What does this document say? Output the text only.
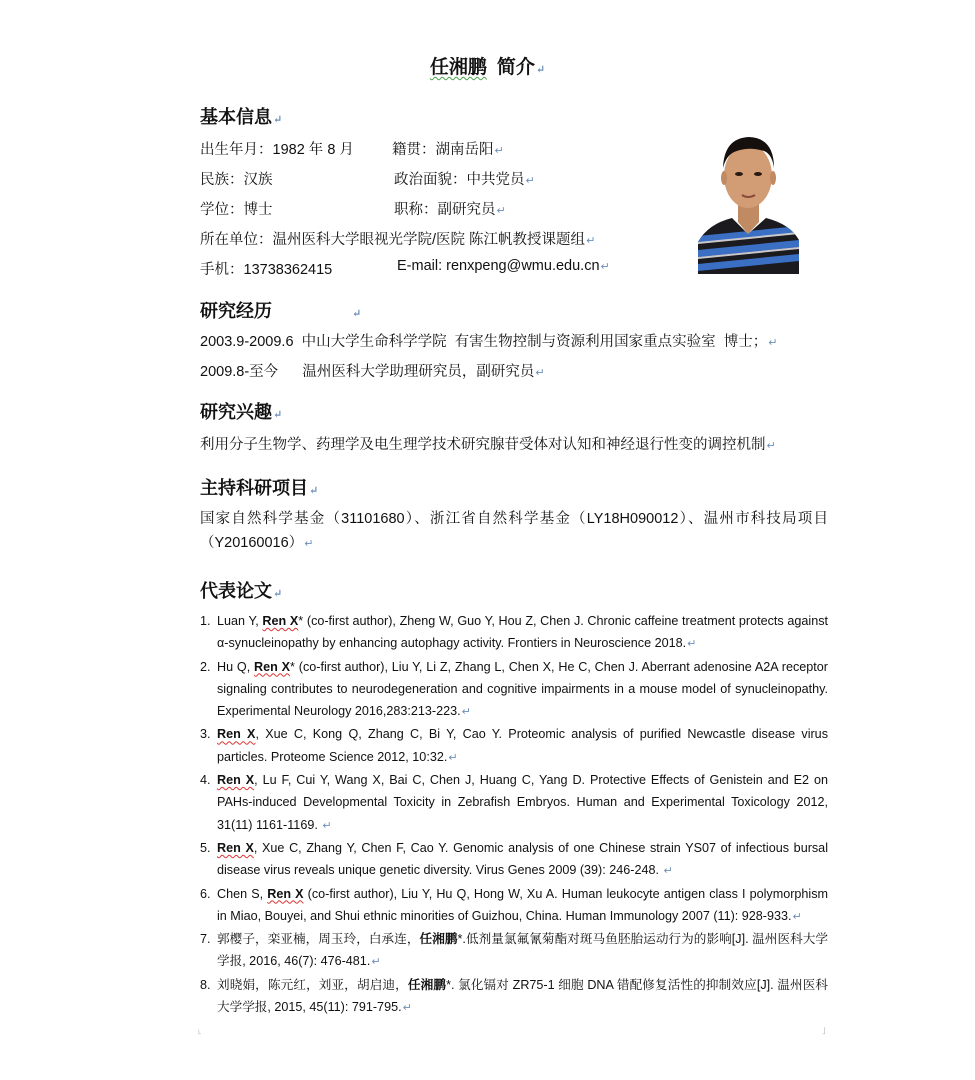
任湘鹏 简介↵
基本信息↵
出生年月：1982 年 8 月	籍贯：湖南岳阳↵
民族：汉族	政治面貌：中共党员↵
学位：博士	职称：副研究员↵
所在单位：温州医科大学眼视光学院/医院 陈江帆教授课题组↵
手机：13738362415	E-mail: renxpeng@wmu.edu.cn↵
研究经历	↵
2003.9-2009.6  中山大学生命科学学院  有害生物控制与资源利用国家重点实验室  博士；↵
2009.8-至今      温州医科大学助理研究员，副研究员↵
研究兴趣↵
利用分子生物学、药理学及电生理学技术研究腺苷受体对认知和神经退行性变的调控机制↵
主持科研项目↵
国家自然科学基金（31101680）、浙江省自然科学基金（LY18H090012）、温州市科技局项目（Y20160016）↵
代表论文↵
1. Luan Y, Ren X* (co-first author), Zheng W, Guo Y, Hou Z, Chen J. Chronic caffeine treatment protects against α-synucleinopathy by enhancing autophagy activity. Frontiers in Neuroscience 2018.↵
2. Hu Q, Ren X* (co-first author), Liu Y, Li Z, Zhang L, Chen X, He C, Chen J. Aberrant adenosine A2A receptor signaling contributes to neurodegeneration and cognitive impairments in a mouse model of synucleinopathy. Experimental Neurology 2016,283:213-223.↵
3. Ren X, Xue C, Kong Q, Zhang C, Bi Y, Cao Y. Proteomic analysis of purified Newcastle disease virus particles. Proteome Science 2012, 10:32.↵
4. Ren X, Lu F, Cui Y, Wang X, Bai C, Chen J, Huang C, Yang D. Protective Effects of Genistein and E2 on PAHs-induced Developmental Toxicity in Zebrafish Embryos. Human and Experimental Toxicology 2012, 31(11) 1161-1169. ↵
5. Ren X, Xue C, Zhang Y, Chen F, Cao Y. Genomic analysis of one Chinese strain YS07 of infectious bursal disease virus reveals unique genetic diversity. Virus Genes 2009 (39): 246-248. ↵
6. Chen S, Ren X (co-first author), Liu Y, Hu Q, Hong W, Xu A. Human leukocyte antigen class I polymorphism in Miao, Bouyei, and Shui ethnic minorities of Guizhou, China. Human Immunology 2007 (11): 928-933.↵
7. 郭樱子，栾亚楠，周玉玲，白承连，任湘鹏*.低剂量氯氟氰菊酯对斑马鱼胚胎运动行为的影响[J]. 温州医科大学学报, 2016, 46(7): 476-481.↵
8. 刘晓娟，陈元红，刘亚，胡启迪，任湘鹏*. 氯化镉对 ZR75-1 细胞 DNA 错配修复活性的抑制效应[J]. 温州医科大学学报, 2015, 45(11): 791-795.↵
˪	˩
